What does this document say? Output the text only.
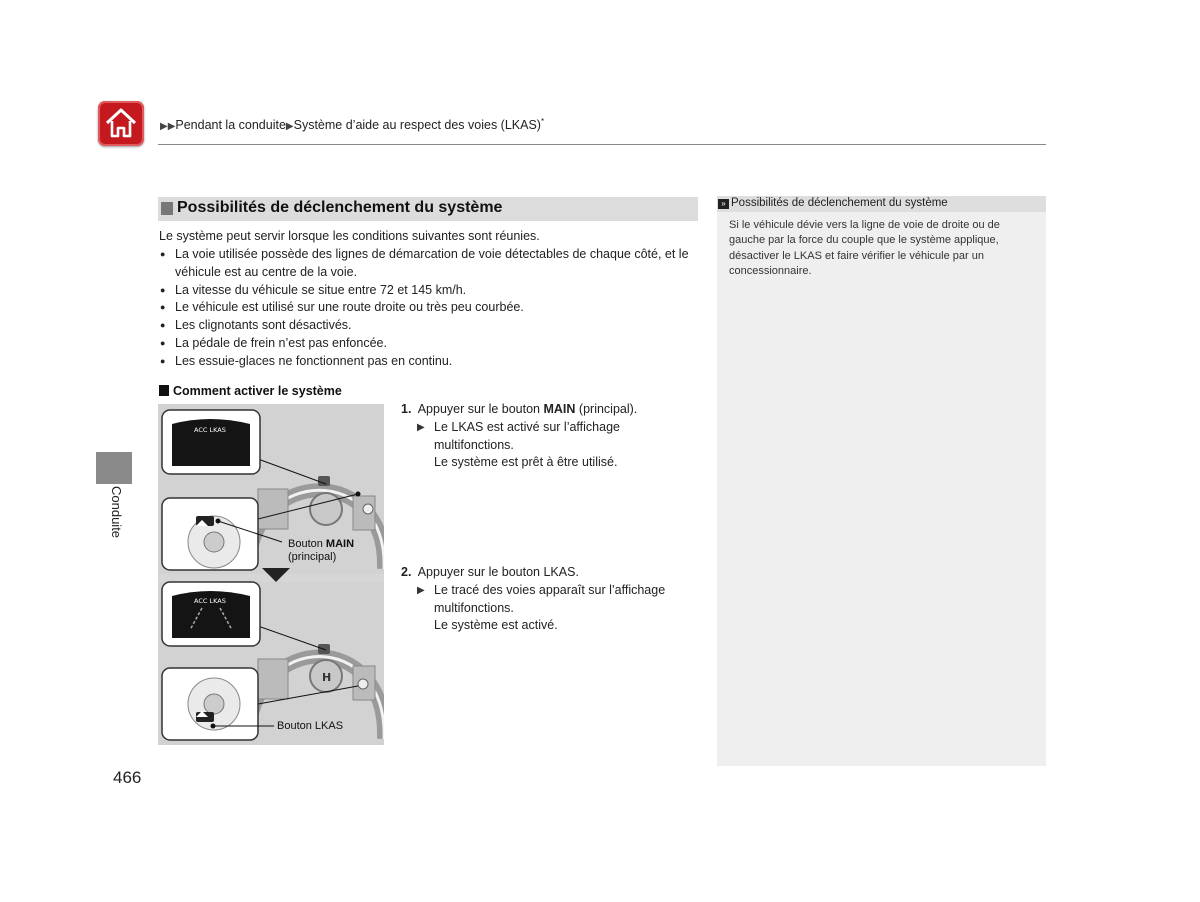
▶▶Pendant la conduite▶Système d’aide au respect des voies (LKAS)*
Conduite
Possibilités de déclenchement du système
Le système peut servir lorsque les conditions suivantes sont réunies.
● La voie utilisée possède des lignes de démarcation de voie détectables de chaque côté, et le véhicule est au centre de la voie.
● La vitesse du véhicule se situe entre 72 et 145 km/h.
● Le véhicule est utilisé sur une route droite ou très peu courbée.
● Les clignotants sont désactivés.
● La pédale de frein n’est pas enfoncée.
● Les essuie-glaces ne fonctionnent pas en continu.
Comment activer le système
ACC LKAS
H
ACC LKAS
Bouton MAIN
(principal)
Bouton LKAS
1. Appuyer sur le bouton MAIN (principal).
▶ Le LKAS est activé sur l’affichage
multifonctions.
Le système est prêt à être utilisé.
2. Appuyer sur le bouton LKAS.
▶ Le tracé des voies apparaît sur l’affichage
multifonctions.
Le système est activé.
» Possibilités de déclenchement du système
Si le véhicule dévie vers la ligne de voie de droite ou de gauche par la force du couple que le système applique, désactiver le LKAS et faire vérifier le véhicule par un concessionnaire.
466
